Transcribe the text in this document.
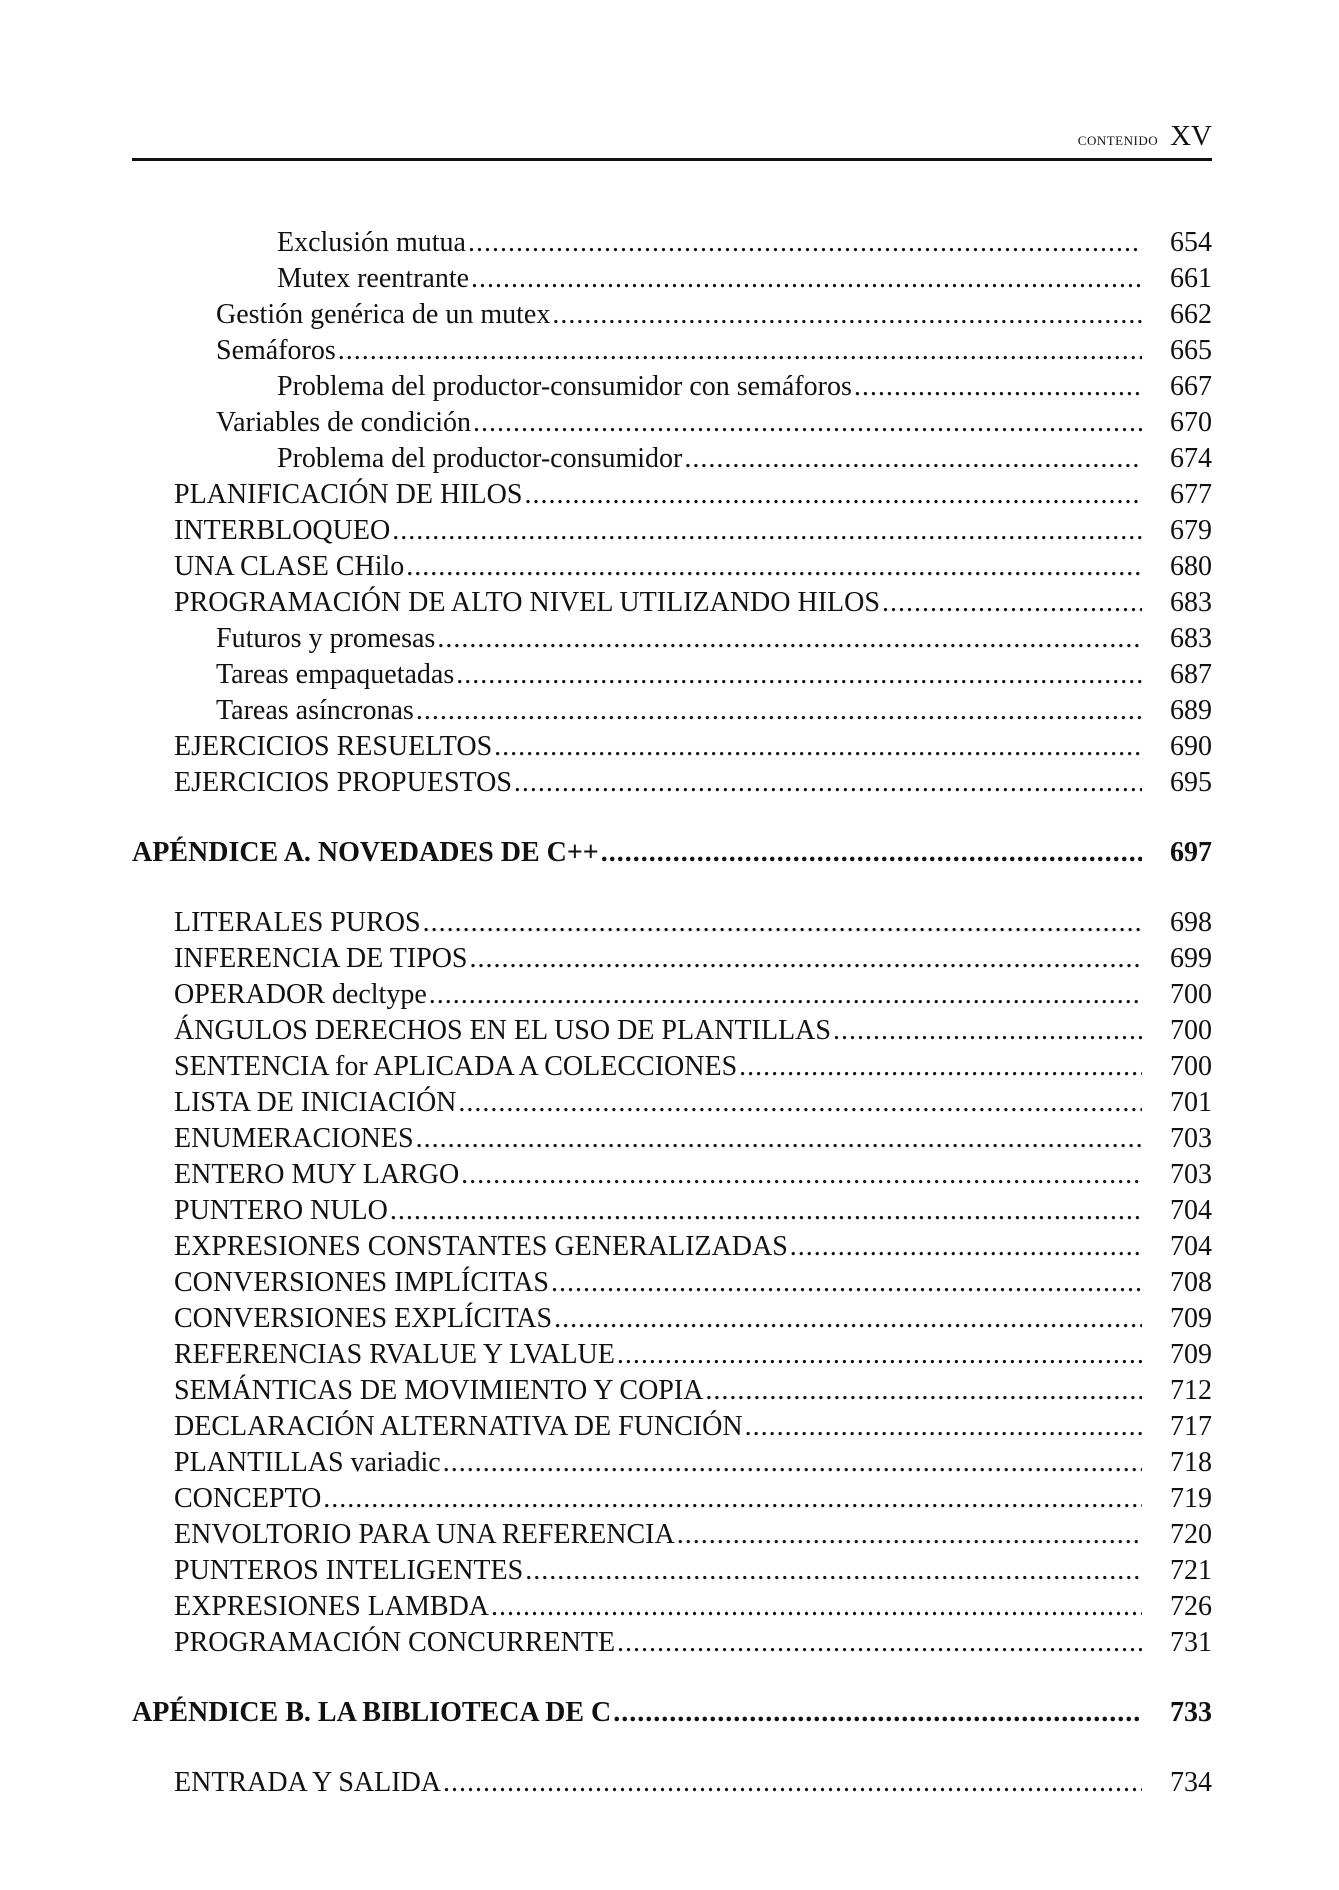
contenido XV
Exclusión mutua .....	654
Mutex reentrante .....	661
Gestión genérica de un mutex .....	662
Semáforos .....	665
Problema del productor-consumidor con semáforos .....	667
Variables de condición .....	670
Problema del productor-consumidor .....	674
PLANIFICACIÓN DE HILOS .....	677
INTERBLOQUEO .....	679
UNA CLASE CHilo .....	680
PROGRAMACIÓN DE ALTO NIVEL UTILIZANDO HILOS .....	683
Futuros y promesas .....	683
Tareas empaquetadas .....	687
Tareas asíncronas .....	689
EJERCICIOS RESUELTOS .....	690
EJERCICIOS PROPUESTOS .....	695
APÉNDICE A. NOVEDADES DE C++ .....	697
LITERALES PUROS .....	698
INFERENCIA DE TIPOS .....	699
OPERADOR decltype .....	700
ÁNGULOS DERECHOS EN EL USO DE PLANTILLAS .....	700
SENTENCIA for APLICADA A COLECCIONES .....	700
LISTA DE INICIACIÓN .....	701
ENUMERACIONES .....	703
ENTERO MUY LARGO .....	703
PUNTERO NULO .....	704
EXPRESIONES CONSTANTES GENERALIZADAS .....	704
CONVERSIONES IMPLÍCITAS .....	708
CONVERSIONES EXPLÍCITAS .....	709
REFERENCIAS RVALUE Y LVALUE .....	709
SEMÁNTICAS DE MOVIMIENTO Y COPIA .....	712
DECLARACIÓN ALTERNATIVA DE FUNCIÓN .....	717
PLANTILLAS variadic .....	718
CONCEPTO .....	719
ENVOLTORIO PARA UNA REFERENCIA .....	720
PUNTEROS INTELIGENTES .....	721
EXPRESIONES LAMBDA .....	726
PROGRAMACIÓN CONCURRENTE .....	731
APÉNDICE B. LA BIBLIOTECA DE C .....	733
ENTRADA Y SALIDA .....	734
